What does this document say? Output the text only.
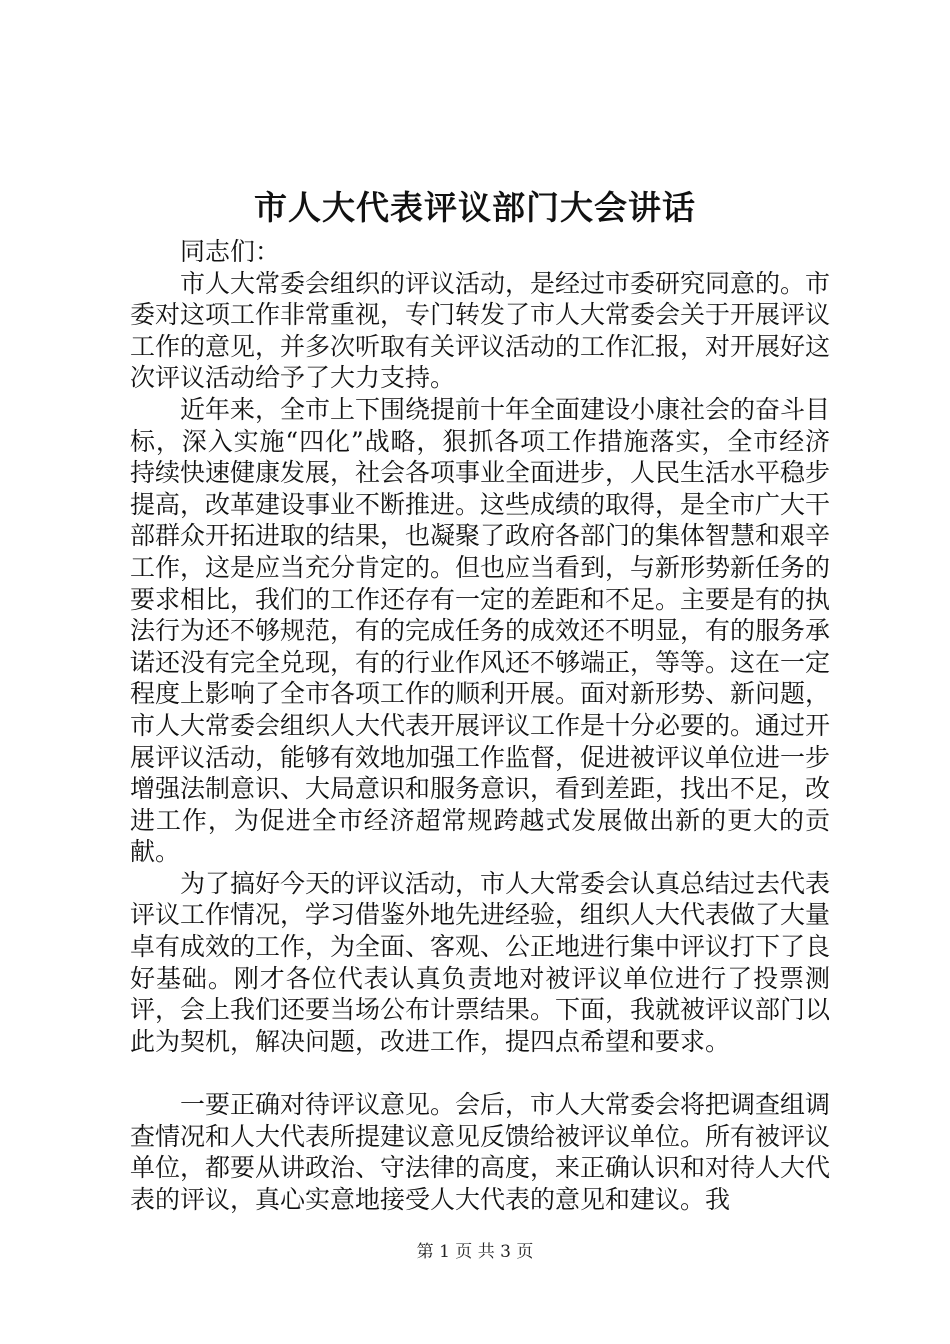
市人大代表评议部门大会讲话

同志们：

市人大常委会组织的评议活动，是经过市委研究同意的。市委对这项工作非常重视，专门转发了市人大常委会关于开展评议工作的意见，并多次听取有关评议活动的工作汇报，对开展好这次评议活动给予了大力支持。

近年来，全市上下围绕提前十年全面建设小康社会的奋斗目标，深入实施“四化”战略，狠抓各项工作措施落实，全市经济持续快速健康发展，社会各项事业全面进步，人民生活水平稳步提高，改革建设事业不断推进。这些成绩的取得，是全市广大干部群众开拓进取的结果，也凝聚了政府各部门的集体智慧和艰辛工作，这是应当充分肯定的。但也应当看到，与新形势新任务的要求相比，我们的工作还存有一定的差距和不足。主要是有的执法行为还不够规范，有的完成任务的成效还不明显，有的服务承诺还没有完全兑现，有的行业作风还不够端正，等等。这在一定程度上影响了全市各项工作的顺利开展。面对新形势、新问题，市人大常委会组织人大代表开展评议工作是十分必要的。通过开展评议活动，能够有效地加强工作监督，促进被评议单位进一步增强法制意识、大局意识和服务意识，看到差距，找出不足，改进工作，为促进全市经济超常规跨越式发展做出新的更大的贡献。

为了搞好今天的评议活动，市人大常委会认真总结过去代表评议工作情况，学习借鉴外地先进经验，组织人大代表做了大量卓有成效的工作，为全面、客观、公正地进行集中评议打下了良好基础。刚才各位代表认真负责地对被评议单位进行了投票测评，会上我们还要当场公布计票结果。下面，我就被评议部门以此为契机，解决问题，改进工作，提四点希望和要求。

一要正确对待评议意见。会后，市人大常委会将把调查组调查情况和人大代表所提建议意见反馈给被评议单位。所有被评议单位，都要从讲政治、守法律的高度，来正确认识和对待人大代表的评议，真心实意地接受人大代表的意见和建议。我

第 1 页 共 3 页
